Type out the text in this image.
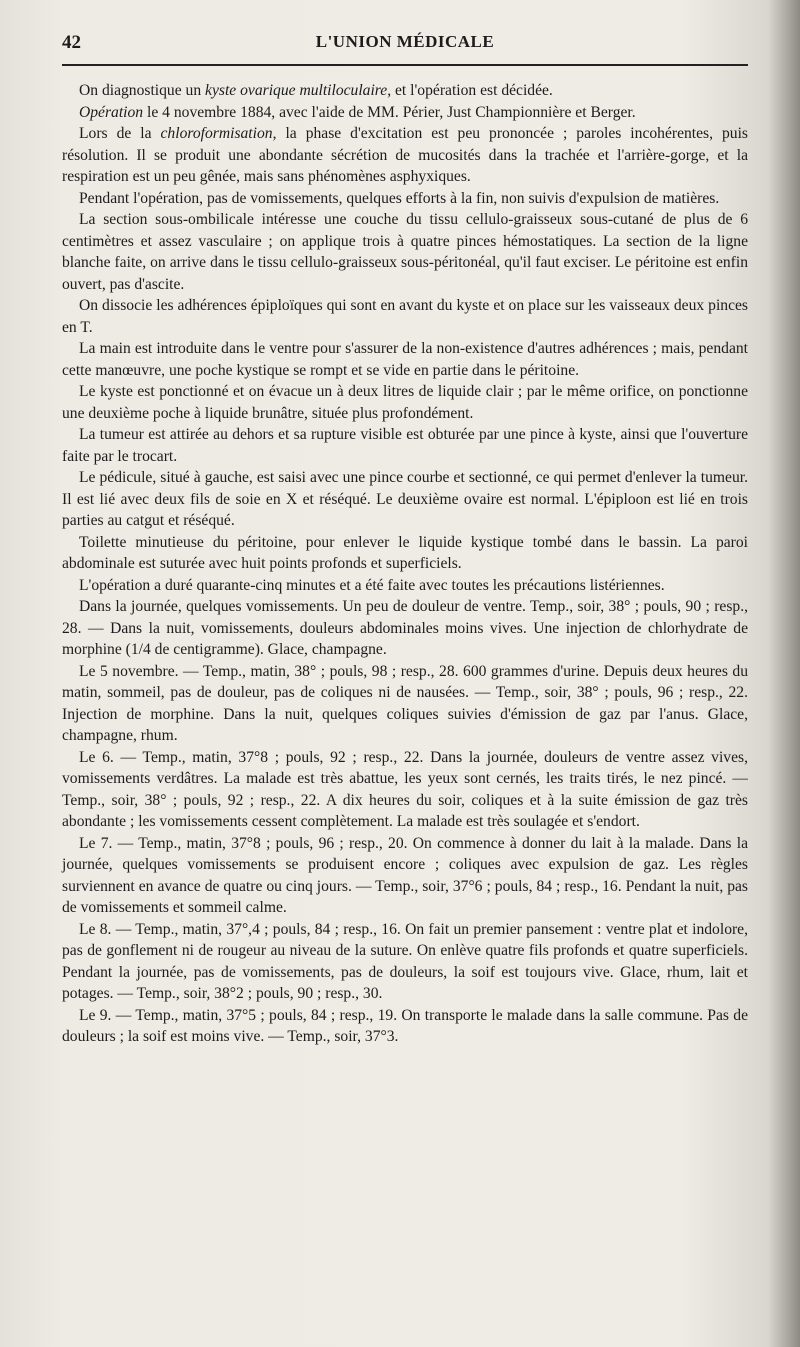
42	L'UNION MÉDICALE

On diagnostique un kyste ovarique multiloculaire, et l'opération est décidée.

Opération le 4 novembre 1884, avec l'aide de MM. Périer, Just Championnière et Berger.

Lors de la chloroformisation, la phase d'excitation est peu prononcée ; paroles incohérentes, puis résolution. Il se produit une abondante sécrétion de mucosités dans la trachée et l'arrière-gorge, et la respiration est un peu gênée, mais sans phénomènes asphyxiques.

Pendant l'opération, pas de vomissements, quelques efforts à la fin, non suivis d'expulsion de matières.

La section sous-ombilicale intéresse une couche du tissu cellulo-graisseux sous-cutané de plus de 6 centimètres et assez vasculaire ; on applique trois à quatre pinces hémostatiques. La section de la ligne blanche faite, on arrive dans le tissu cellulo-graisseux sous-péritonéal, qu'il faut exciser. Le péritoine est enfin ouvert, pas d'ascite.

On dissocie les adhérences épiploïques qui sont en avant du kyste et on place sur les vaisseaux deux pinces en T.

La main est introduite dans le ventre pour s'assurer de la non-existence d'autres adhérences ; mais, pendant cette manœuvre, une poche kystique se rompt et se vide en partie dans le péritoine.

Le kyste est ponctionné et on évacue un à deux litres de liquide clair ; par le même orifice, on ponctionne une deuxième poche à liquide brunâtre, située plus profondément.

La tumeur est attirée au dehors et sa rupture visible est obturée par une pince à kyste, ainsi que l'ouverture faite par le trocart.

Le pédicule, situé à gauche, est saisi avec une pince courbe et sectionné, ce qui permet d'enlever la tumeur. Il est lié avec deux fils de soie en X et réséqué. Le deuxième ovaire est normal. L'épiploon est lié en trois parties au catgut et réséqué.

Toilette minutieuse du péritoine, pour enlever le liquide kystique tombé dans le bassin. La paroi abdominale est suturée avec huit points profonds et superficiels.

L'opération a duré quarante-cinq minutes et a été faite avec toutes les précautions listériennes.

Dans la journée, quelques vomissements. Un peu de douleur de ventre. Temp., soir, 38° ; pouls, 90 ; resp., 28. — Dans la nuit, vomissements, douleurs abdominales moins vives. Une injection de chlorhydrate de morphine (1/4 de centigramme). Glace, champagne.

Le 5 novembre. — Temp., matin, 38° ; pouls, 98 ; resp., 28. 600 grammes d'urine. Depuis deux heures du matin, sommeil, pas de douleur, pas de coliques ni de nausées. — Temp., soir, 38° ; pouls, 96 ; resp., 22. Injection de morphine. Dans la nuit, quelques coliques suivies d'émission de gaz par l'anus. Glace, champagne, rhum.

Le 6. — Temp., matin, 37°8 ; pouls, 92 ; resp., 22. Dans la journée, douleurs de ventre assez vives, vomissements verdâtres. La malade est très abattue, les yeux sont cernés, les traits tirés, le nez pincé. — Temp., soir, 38° ; pouls, 92 ; resp., 22. A dix heures du soir, coliques et à la suite émission de gaz très abondante ; les vomissements cessent complètement. La malade est très soulagée et s'endort.

Le 7. — Temp., matin, 37°8 ; pouls, 96 ; resp., 20. On commence à donner du lait à la malade. Dans la journée, quelques vomissements se produisent encore ; coliques avec expulsion de gaz. Les règles surviennent en avance de quatre ou cinq jours. — Temp., soir, 37°6 ; pouls, 84 ; resp., 16. Pendant la nuit, pas de vomissements et sommeil calme.

Le 8. — Temp., matin, 37°,4 ; pouls, 84 ; resp., 16. On fait un premier pansement : ventre plat et indolore, pas de gonflement ni de rougeur au niveau de la suture. On enlève quatre fils profonds et quatre superficiels. Pendant la journée, pas de vomissements, pas de douleurs, la soif est toujours vive. Glace, rhum, lait et potages. — Temp., soir, 38°2 ; pouls, 90 ; resp., 30.

Le 9. — Temp., matin, 37°5 ; pouls, 84 ; resp., 19. On transporte le malade dans la salle commune. Pas de douleurs ; la soif est moins vive. — Temp., soir, 37°3.
